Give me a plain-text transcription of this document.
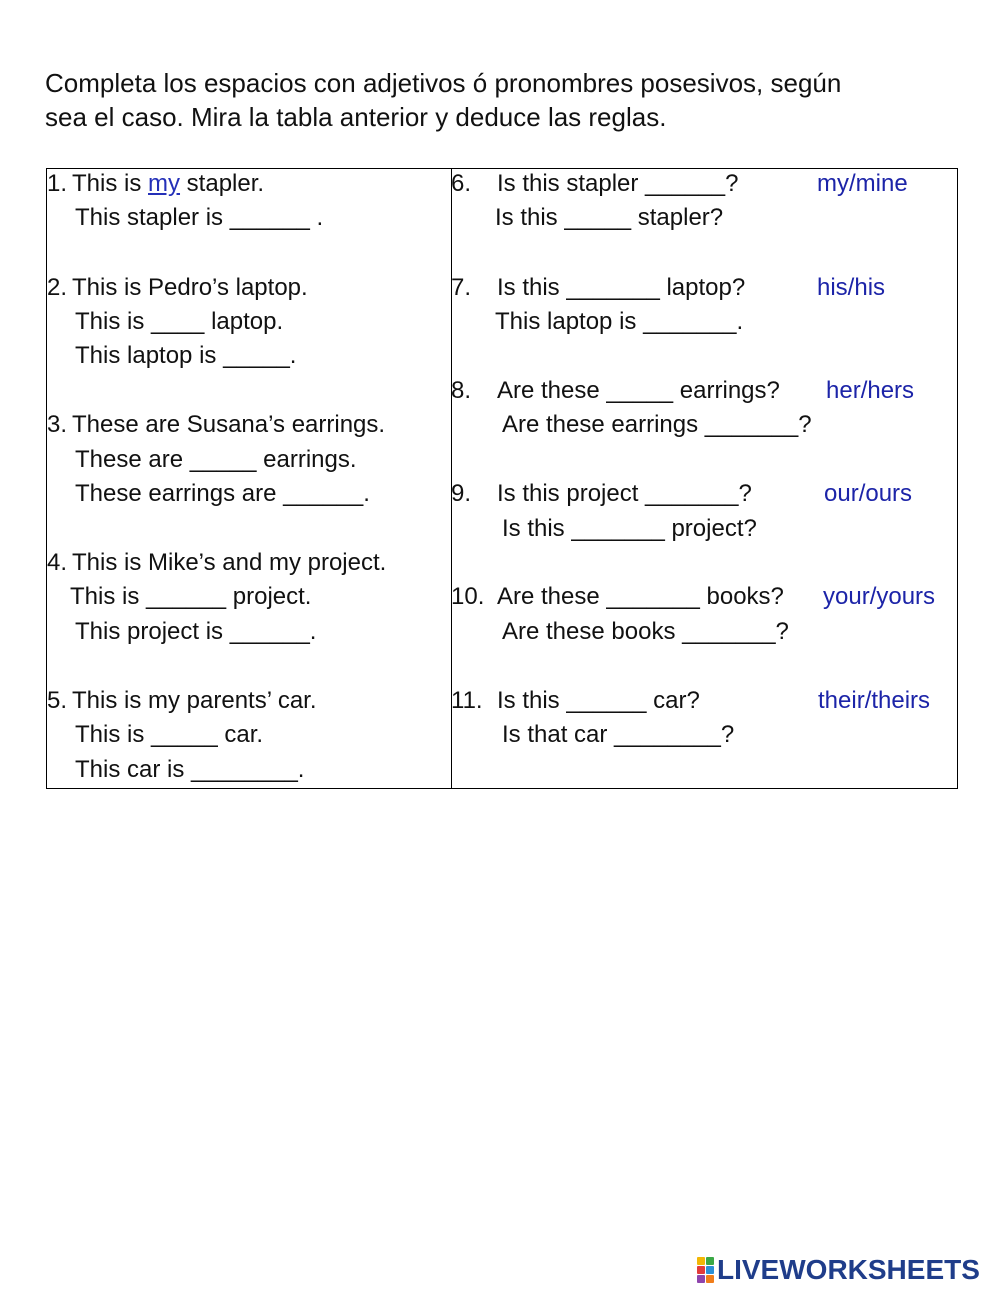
Completa los espacios con adjetivos ó pronombres posesivos, según
sea el caso. Mira la tabla anterior y deduce las reglas.

1. This is my stapler.
This stapler is ______ .
2. This is Pedro’s laptop.
This is ____ laptop.
This laptop is _____.
3. These are Susana’s earrings.
These are _____ earrings.
These earrings are ______.
4. This is Mike’s and my project.
This is ______ project.
This project is ______.
5. This is my parents’ car.
This is _____ car.
This car is ________.
6. Is this stapler ______?
Is this _____ stapler?
my/mine
7. Is this _______ laptop?
This laptop is _______.
his/his
8. Are these _____ earrings?
Are these earrings _______?
her/hers
9. Is this project _______?
Is this _______ project?
our/ours
10. Are these _______ books?
Are these books _______?
your/yours
11. Is this ______ car?
Is that car ________?
their/theirs
LIVEWORKSHEETS
